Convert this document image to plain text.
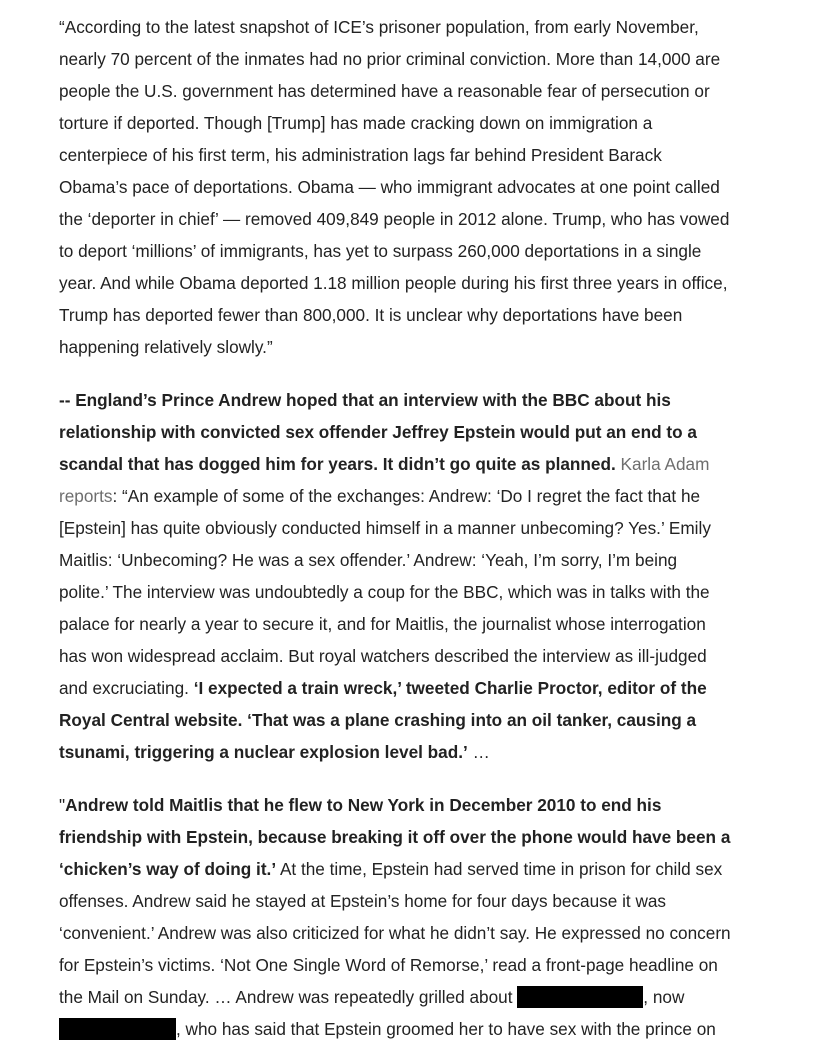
“According to the latest snapshot of ICE’s prisoner population, from early November,
nearly 70 percent of the inmates had no prior criminal conviction. More than 14,000 are
people the U.S. government has determined have a reasonable fear of persecution or
torture if deported. Though [Trump] has made cracking down on immigration a
centerpiece of his first term, his administration lags far behind President Barack
Obama’s pace of deportations. Obama — who immigrant advocates at one point called
the ‘deporter in chief’ — removed 409,849 people in 2012 alone. Trump, who has vowed
to deport ‘millions’ of immigrants, has yet to surpass 260,000 deportations in a single
year. And while Obama deported 1.18 million people during his first three years in office,
Trump has deported fewer than 800,000. It is unclear why deportations have been
happening relatively slowly.”
-- England’s Prince Andrew hoped that an interview with the BBC about his
relationship with convicted sex offender Jeffrey Epstein would put an end to a
scandal that has dogged him for years. It didn’t go quite as planned. Karla Adam
reports: “An example of some of the exchanges: Andrew: ‘Do I regret the fact that he
[Epstein] has quite obviously conducted himself in a manner unbecoming? Yes.’ Emily
Maitlis: ‘Unbecoming? He was a sex offender.’ Andrew: ‘Yeah, I’m sorry, I’m being
polite.’ The interview was undoubtedly a coup for the BBC, which was in talks with the
palace for nearly a year to secure it, and for Maitlis, the journalist whose interrogation
has won widespread acclaim. But royal watchers described the interview as ill-judged
and excruciating. ‘I expected a train wreck,’ tweeted Charlie Proctor, editor of the
Royal Central website. ‘That was a plane crashing into an oil tanker, causing a
tsunami, triggering a nuclear explosion level bad.’ …
"Andrew told Maitlis that he flew to New York in December 2010 to end his
friendship with Epstein, because breaking it off over the phone would have been a
‘chicken’s way of doing it.’ At the time, Epstein had served time in prison for child sex
offenses. Andrew said he stayed at Epstein’s home for four days because it was
‘convenient.’ Andrew was also criticized for what he didn’t say. He expressed no concern
for Epstein’s victims. ‘Not One Single Word of Remorse,’ read a front-page headline on
the Mail on Sunday. … Andrew was repeatedly grilled about	, now
, who has said that Epstein groomed her to have sex with the prince on
